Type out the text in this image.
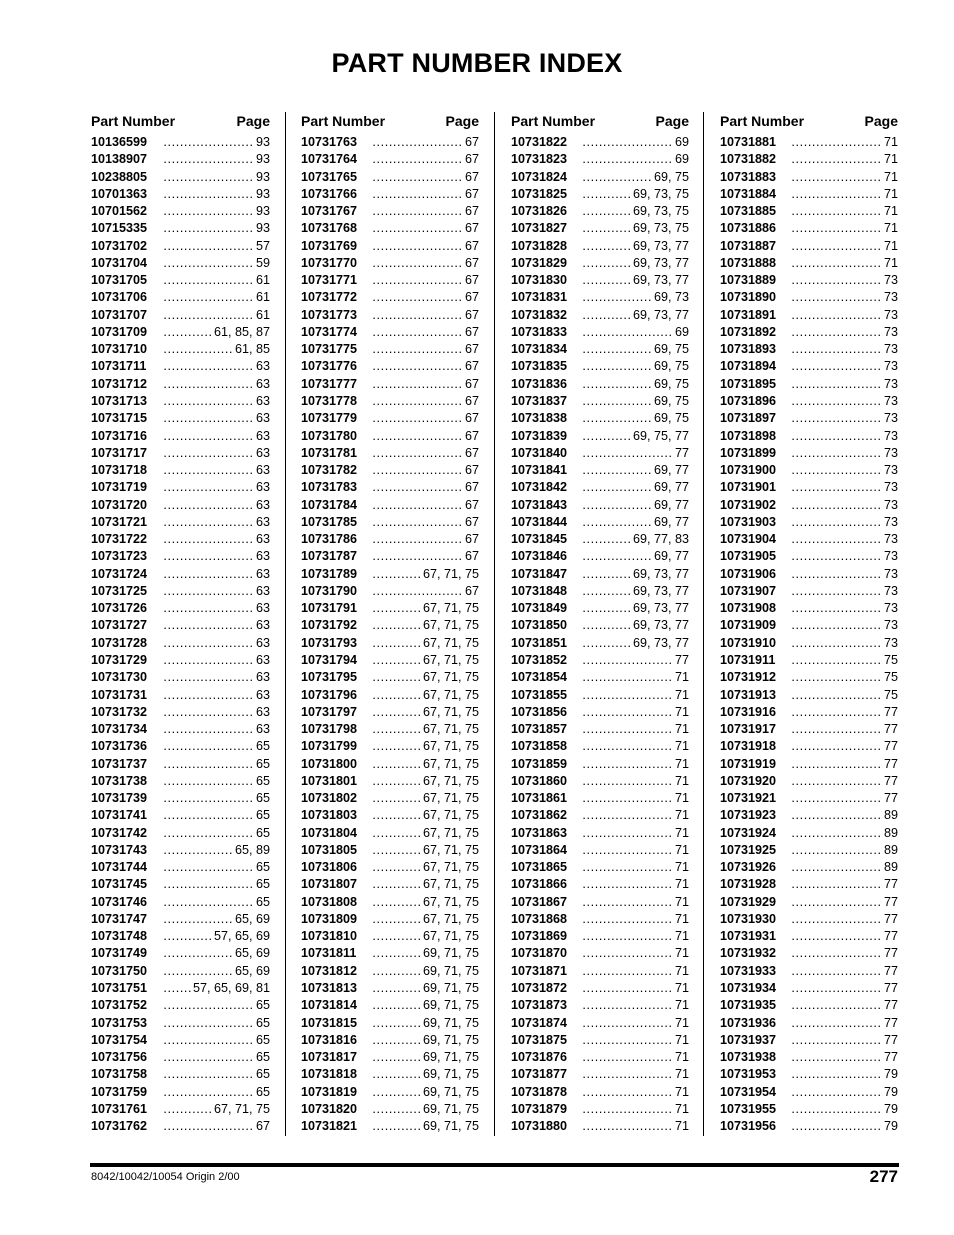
PART NUMBER INDEX
Part Number	Page
10136599	..... 93
10138907	..... 93
10238805	..... 93
10701363	..... 93
10701562	..... 93
10715335	..... 93
10731702	..... 57
10731704	..... 59
10731705	..... 61
10731706	..... 61
10731707	..... 61
10731709	..... 61, 85, 87
10731710	..... 61, 85
10731711	..... 63
10731712	..... 63
10731713	..... 63
10731715	..... 63
10731716	..... 63
10731717	..... 63
10731718	..... 63
10731719	..... 63
10731720	..... 63
10731721	..... 63
10731722	..... 63
10731723	..... 63
10731724	..... 63
10731725	..... 63
10731726	..... 63
10731727	..... 63
10731728	..... 63
10731729	..... 63
10731730	..... 63
10731731	..... 63
10731732	..... 63
10731734	..... 63
10731736	..... 65
10731737	..... 65
10731738	..... 65
10731739	..... 65
10731741	..... 65
10731742	..... 65
10731743	..... 65, 89
10731744	..... 65
10731745	..... 65
10731746	..... 65
10731747	..... 65, 69
10731748	..... 57, 65, 69
10731749	..... 65, 69
10731750	..... 65, 69
10731751	..... 57, 65, 69, 81
10731752	..... 65
10731753	..... 65
10731754	..... 65
10731756	..... 65
10731758	..... 65
10731759	..... 65
10731761	..... 67, 71, 75
10731762	..... 67
Part Number	Page
10731763	..... 67
10731764	..... 67
10731765	..... 67
10731766	..... 67
10731767	..... 67
10731768	..... 67
10731769	..... 67
10731770	..... 67
10731771	..... 67
10731772	..... 67
10731773	..... 67
10731774	..... 67
10731775	..... 67
10731776	..... 67
10731777	..... 67
10731778	..... 67
10731779	..... 67
10731780	..... 67
10731781	..... 67
10731782	..... 67
10731783	..... 67
10731784	..... 67
10731785	..... 67
10731786	..... 67
10731787	..... 67
10731789	..... 67, 71, 75
10731790	..... 67
10731791	..... 67, 71, 75
10731792	..... 67, 71, 75
10731793	..... 67, 71, 75
10731794	..... 67, 71, 75
10731795	..... 67, 71, 75
10731796	..... 67, 71, 75
10731797	..... 67, 71, 75
10731798	..... 67, 71, 75
10731799	..... 67, 71, 75
10731800	..... 67, 71, 75
10731801	..... 67, 71, 75
10731802	..... 67, 71, 75
10731803	..... 67, 71, 75
10731804	..... 67, 71, 75
10731805	..... 67, 71, 75
10731806	..... 67, 71, 75
10731807	..... 67, 71, 75
10731808	..... 67, 71, 75
10731809	..... 67, 71, 75
10731810	..... 67, 71, 75
10731811	..... 69, 71, 75
10731812	..... 69, 71, 75
10731813	..... 69, 71, 75
10731814	..... 69, 71, 75
10731815	..... 69, 71, 75
10731816	..... 69, 71, 75
10731817	..... 69, 71, 75
10731818	..... 69, 71, 75
10731819	..... 69, 71, 75
10731820	..... 69, 71, 75
10731821	..... 69, 71, 75
Part Number	Page
10731822	..... 69
10731823	..... 69
10731824	..... 69, 75
10731825	..... 69, 73, 75
10731826	..... 69, 73, 75
10731827	..... 69, 73, 75
10731828	..... 69, 73, 77
10731829	..... 69, 73, 77
10731830	..... 69, 73, 77
10731831	..... 69, 73
10731832	..... 69, 73, 77
10731833	..... 69
10731834	..... 69, 75
10731835	..... 69, 75
10731836	..... 69, 75
10731837	..... 69, 75
10731838	..... 69, 75
10731839	..... 69, 75, 77
10731840	..... 77
10731841	..... 69, 77
10731842	..... 69, 77
10731843	..... 69, 77
10731844	..... 69, 77
10731845	..... 69, 77, 83
10731846	..... 69, 77
10731847	..... 69, 73, 77
10731848	..... 69, 73, 77
10731849	..... 69, 73, 77
10731850	..... 69, 73, 77
10731851	..... 69, 73, 77
10731852	..... 77
10731854	..... 71
10731855	..... 71
10731856	..... 71
10731857	..... 71
10731858	..... 71
10731859	..... 71
10731860	..... 71
10731861	..... 71
10731862	..... 71
10731863	..... 71
10731864	..... 71
10731865	..... 71
10731866	..... 71
10731867	..... 71
10731868	..... 71
10731869	..... 71
10731870	..... 71
10731871	..... 71
10731872	..... 71
10731873	..... 71
10731874	..... 71
10731875	..... 71
10731876	..... 71
10731877	..... 71
10731878	..... 71
10731879	..... 71
10731880	..... 71
Part Number	Page
10731881	..... 71
10731882	..... 71
10731883	..... 71
10731884	..... 71
10731885	..... 71
10731886	..... 71
10731887	..... 71
10731888	..... 71
10731889	..... 73
10731890	..... 73
10731891	..... 73
10731892	..... 73
10731893	..... 73
10731894	..... 73
10731895	..... 73
10731896	..... 73
10731897	..... 73
10731898	..... 73
10731899	..... 73
10731900	..... 73
10731901	..... 73
10731902	..... 73
10731903	..... 73
10731904	..... 73
10731905	..... 73
10731906	..... 73
10731907	..... 73
10731908	..... 73
10731909	..... 73
10731910	..... 73
10731911	..... 75
10731912	..... 75
10731913	..... 75
10731916	..... 77
10731917	..... 77
10731918	..... 77
10731919	..... 77
10731920	..... 77
10731921	..... 77
10731923	..... 89
10731924	..... 89
10731925	..... 89
10731926	..... 89
10731928	..... 77
10731929	..... 77
10731930	..... 77
10731931	..... 77
10731932	..... 77
10731933	..... 77
10731934	..... 77
10731935	..... 77
10731936	..... 77
10731937	..... 77
10731938	..... 77
10731953	..... 79
10731954	..... 79
10731955	..... 79
10731956	..... 79
8042/10042/10054 Origin 2/00	277
